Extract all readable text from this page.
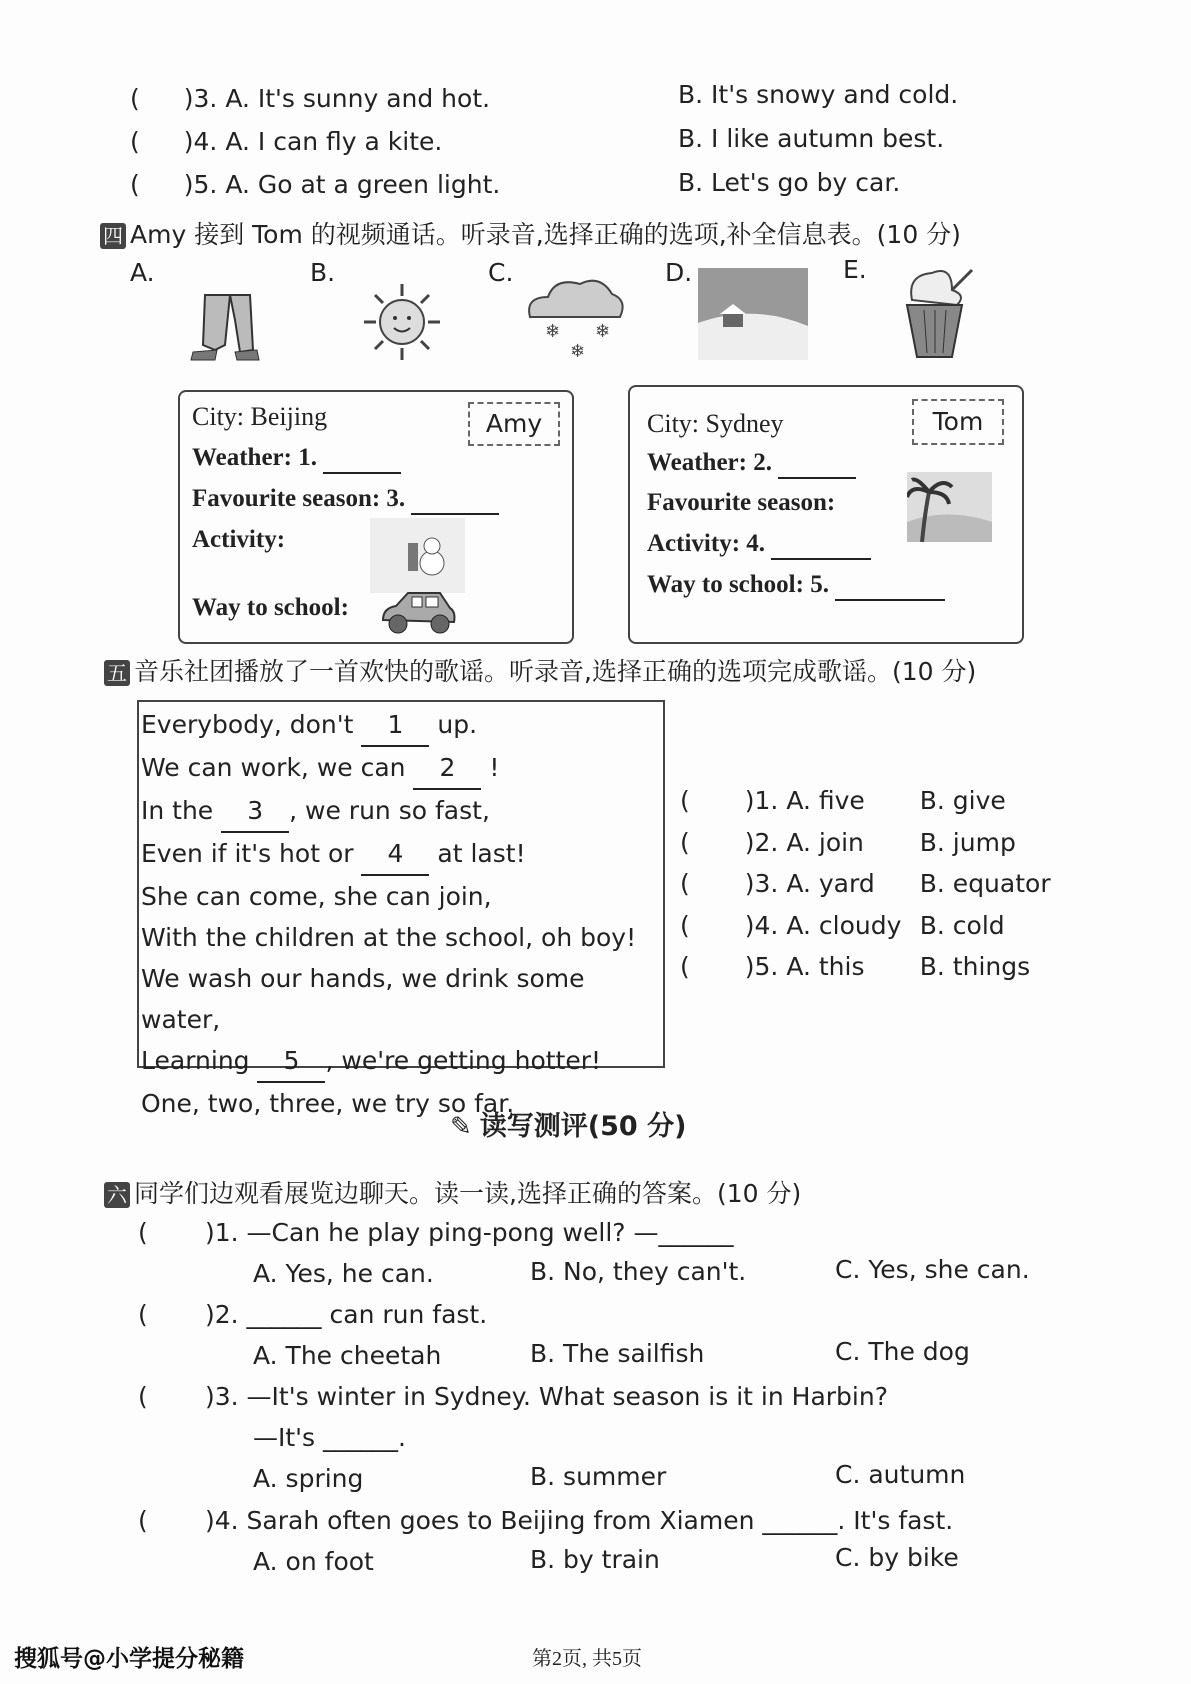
( )3. A. It's sunny and hot.	B. It's snowy and cold.
( )4. A. I can fly a kite.	B. I like autumn best.
( )5. A. Go at a green light.	B. Let's go by car.
四 Amy 接到 Tom 的视频通话。听录音,选择正确的选项,补全信息表。(10 分)
A.	B.	C.	D.	E.
❄
❄
❄
Amy
City: Beijing
Weather: 1.
Favourite season: 3.
Activity:
Way to school:
Tom
City: Sydney
Weather: 2.
Favourite season:
Activity: 4.
Way to school: 5.
五 音乐社团播放了一首欢快的歌谣。听录音,选择正确的选项完成歌谣。(10 分)
Everybody, don't 1 up.
We can work, we can 2 !
In the 3 , we run so fast,
Even if it's hot or 4 at last!
She can come, she can join,
With the children at the school, oh boy!
We wash our hands, we drink some water,
Learning 5 , we're getting hotter!
One, two, three, we try so far.
( )1. A. five B. give
( )2. A. join B. jump
( )3. A. yard B. equator
( )4. A. cloudy B. cold
( )5. A. this B. things
✎ 读写测评(50 分)
六 同学们边观看展览边聊天。读一读,选择正确的答案。(10 分)
( )1. —Can he play ping-pong well? —______
A. Yes, he can.	B. No, they can't.	C. Yes, she can.
( )2. ______ can run fast.
A. The cheetah	B. The sailfish	C. The dog
( )3. —It's winter in Sydney. What season is it in Harbin?
—It's ______.
A. spring	B. summer	C. autumn
( )4. Sarah often goes to Beijing from Xiamen ______. It's fast.
A. on foot	B. by train	C. by bike
搜狐号@小学提分秘籍	第2页, 共5页
